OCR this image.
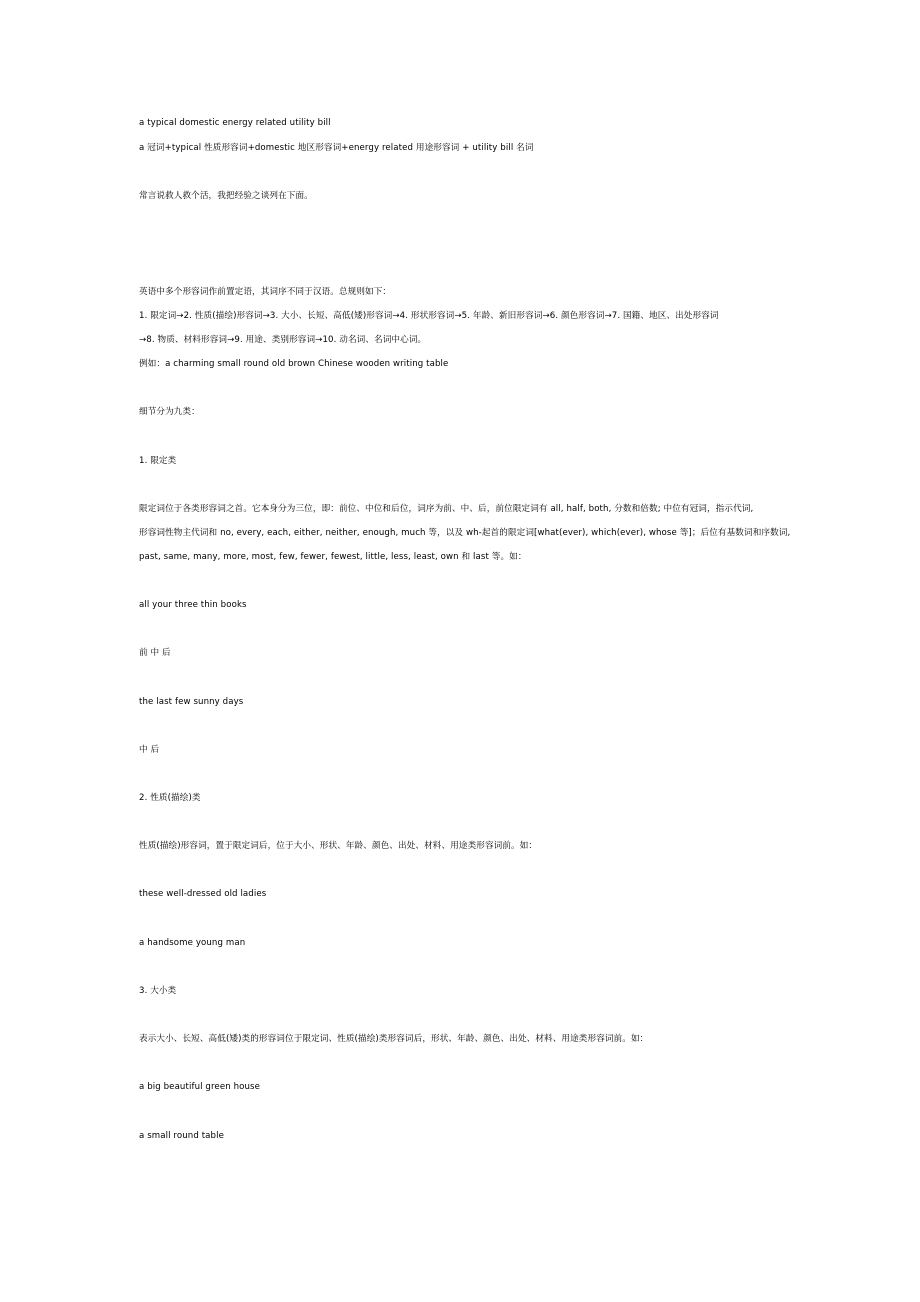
a typical domestic energy related utility bill
a 冠词+typical 性质形容词+domestic 地区形容词+energy related 用途形容词 + utility bill 名词
常言说救人救个活，我把经验之谈列在下面。
英语中多个形容词作前置定语，其词序不同于汉语。总规则如下：
1. 限定词→2. 性质(描绘)形容词→3. 大小、长短、高低(矮)形容词→4. 形状形容词→5. 年龄、新旧形容词→6. 颜色形容词→7. 国籍、地区、出处形容词
→8. 物质、材料形容词→9. 用途、类别形容词→10. 动名词、名词中心词。
例如：a charming small round old brown Chinese wooden writing table
细节分为九类：
1. 限定类
限定词位于各类形容词之首。它本身分为三位，即：前位、中位和后位，词序为前、中、后，前位限定词有 all, half, both, 分数和倍数; 中位有冠词，指示代词,
形容词性物主代词和 no, every, each, either, neither, enough, much 等，以及 wh-起首的限定词[what(ever), which(ever), whose 等]；后位有基数词和序数词,
past, same, many, more, most, few, fewer, fewest, little, less, least, own 和 last 等。如：
all your three thin books
前 中 后
the last few sunny days
中 后
2. 性质(描绘)类
性质(描绘)形容词，置于限定词后，位于大小、形状、年龄、颜色、出处、材料、用途类形容词前。如：
these well-dressed old ladies
a handsome young man
3. 大小类
表示大小、长短、高低(矮)类的形容词位于限定词、性质(描绘)类形容词后，形状、年龄、颜色、出处、材料、用途类形容词前。如：
a big beautiful green house
a small round table
